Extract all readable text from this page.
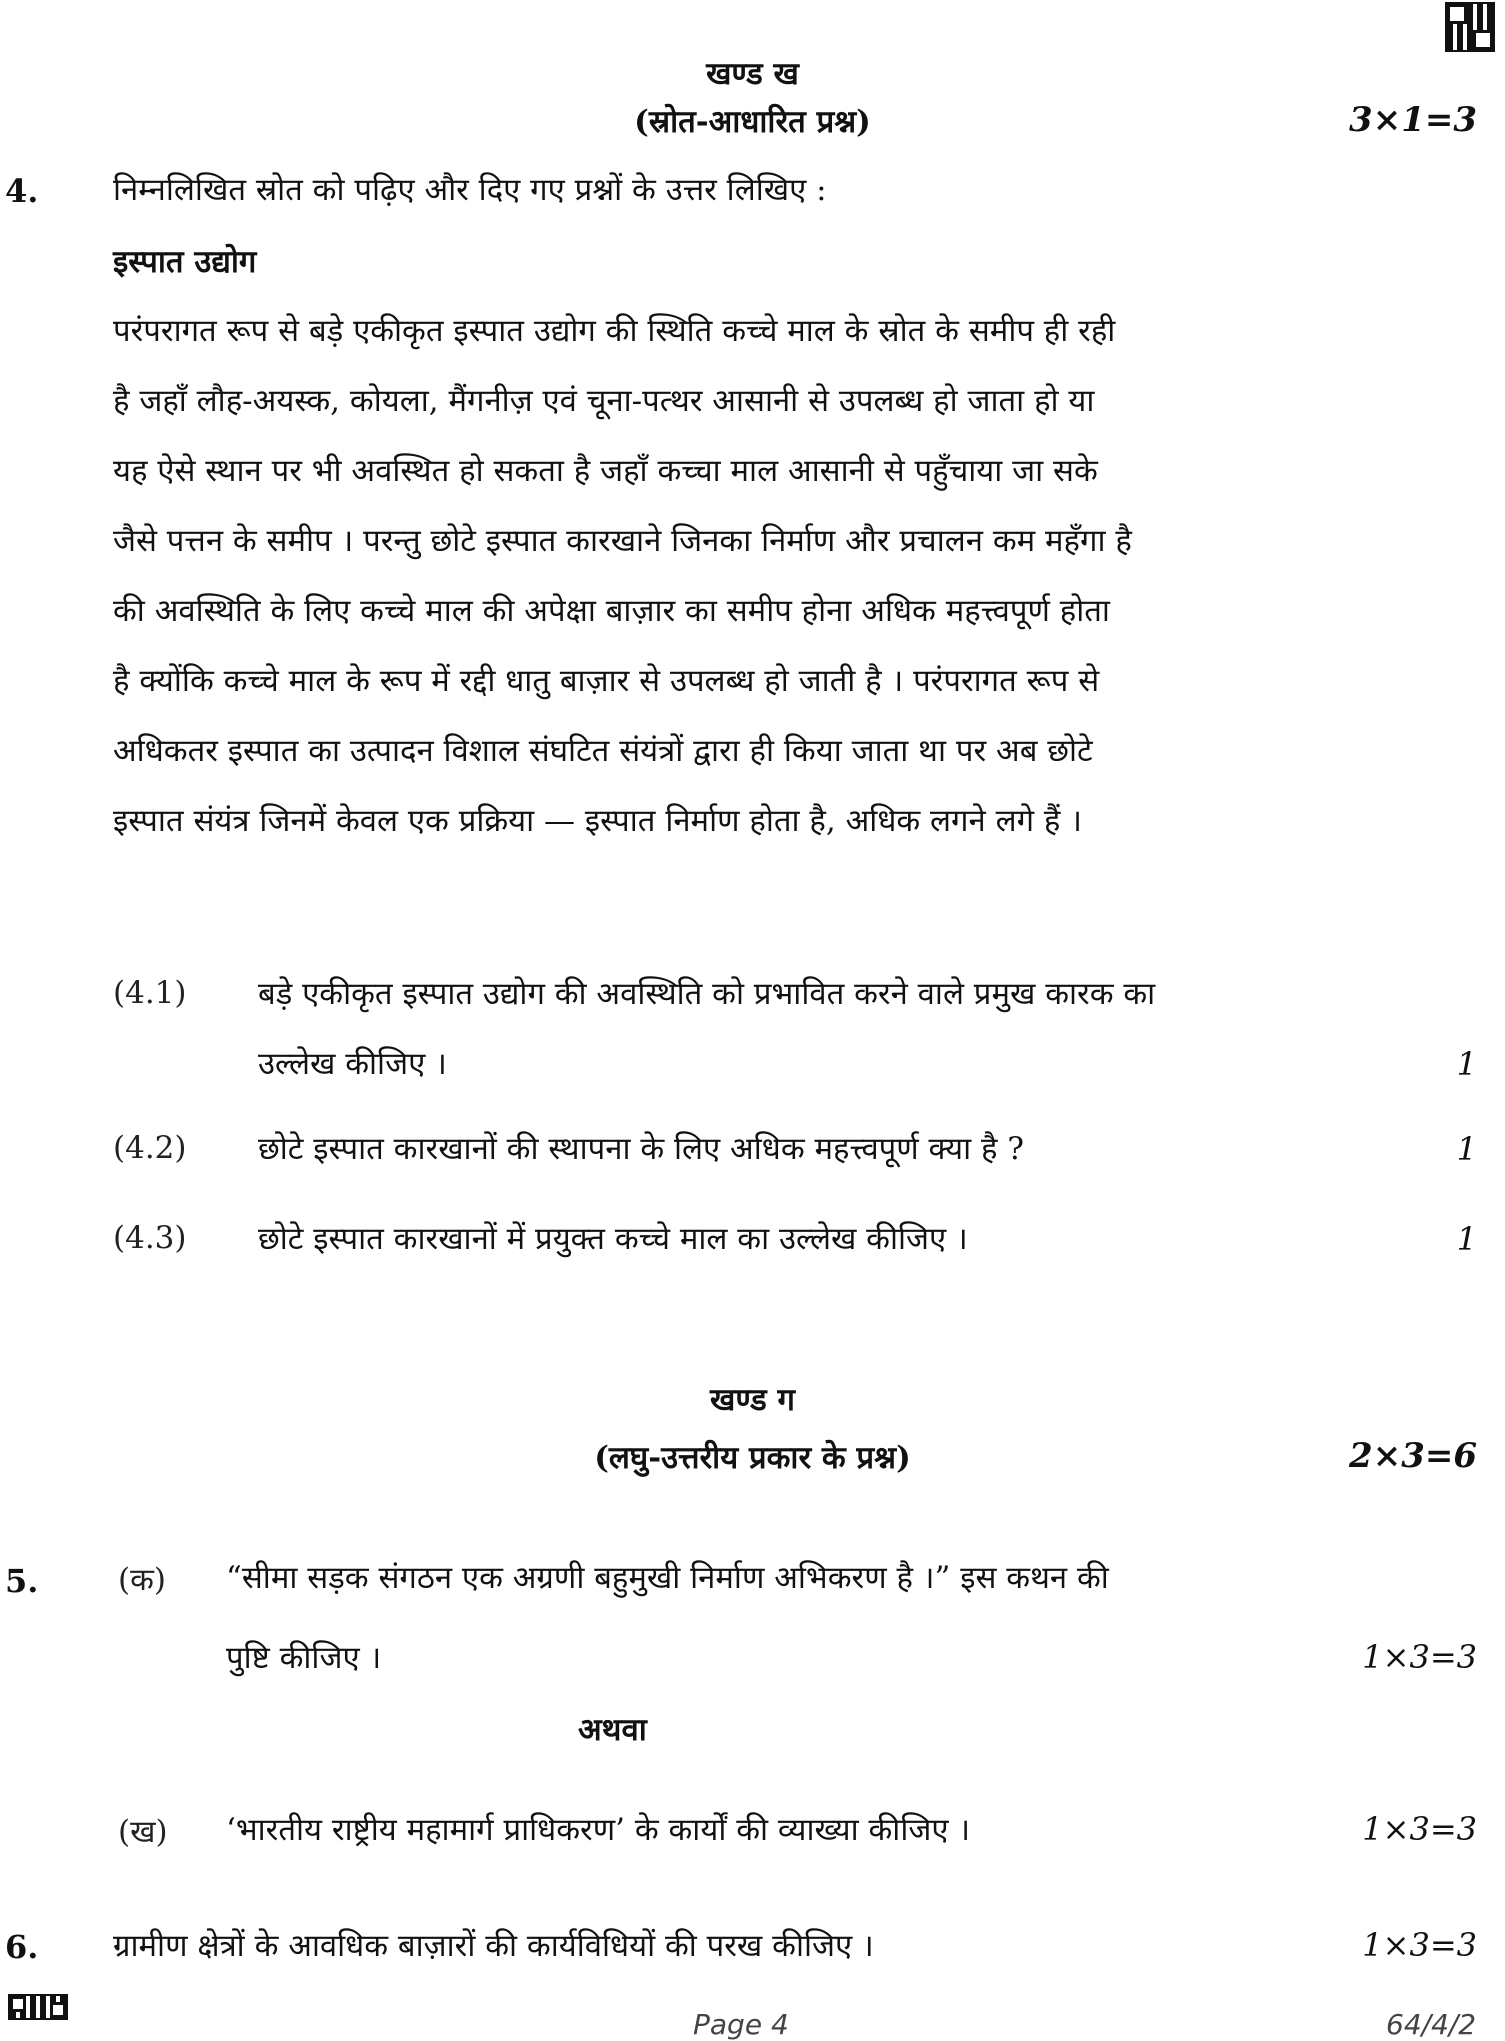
खण्ड ख
(स्रोत-आधारित प्रश्न)	3×1=3
4. निम्नलिखित स्रोत को पढ़िए और दिए गए प्रश्नों के उत्तर लिखिए :
इस्पात उद्योग
परंपरागत रूप से बड़े एकीकृत इस्पात उद्योग की स्थिति कच्चे माल के स्रोत के समीप ही रही
है जहाँ लौह-अयस्क, कोयला, मैंगनीज़ एवं चूना-पत्थर आसानी से उपलब्ध हो जाता हो या
यह ऐसे स्थान पर भी अवस्थित हो सकता है जहाँ कच्चा माल आसानी से पहुँचाया जा सके
जैसे पत्तन के समीप । परन्तु छोटे इस्पात कारखाने जिनका निर्माण और प्रचालन कम महँगा है
की अवस्थिति के लिए कच्चे माल की अपेक्षा बाज़ार का समीप होना अधिक महत्त्वपूर्ण होता
है क्योंकि कच्चे माल के रूप में रद्दी धातु बाज़ार से उपलब्ध हो जाती है । परंपरागत रूप से
अधिकतर इस्पात का उत्पादन विशाल संघटित संयंत्रों द्वारा ही किया जाता था पर अब छोटे
इस्पात संयंत्र जिनमें केवल एक प्रक्रिया — इस्पात निर्माण होता है, अधिक लगने लगे हैं ।
(4.1) बड़े एकीकृत इस्पात उद्योग की अवस्थिति को प्रभावित करने वाले प्रमुख कारक का
उल्लेख कीजिए ।	1
(4.2) छोटे इस्पात कारखानों की स्थापना के लिए अधिक महत्त्वपूर्ण क्या है ?	1
(4.3) छोटे इस्पात कारखानों में प्रयुक्त कच्चे माल का उल्लेख कीजिए ।	1
खण्ड ग
(लघु-उत्तरीय प्रकार के प्रश्न)	2×3=6
5.	(क) “सीमा सड़क संगठन एक अग्रणी बहुमुखी निर्माण अभिकरण है ।” इस कथन की
पुष्टि कीजिए ।	1×3=3
अथवा
(ख) ‘भारतीय राष्ट्रीय महामार्ग प्राधिकरण’ के कार्यों की व्याख्या कीजिए ।	1×3=3
6. ग्रामीण क्षेत्रों के आवधिक बाज़ारों की कार्यविधियों की परख कीजिए ।	1×3=3
Page 4	64/4/2
